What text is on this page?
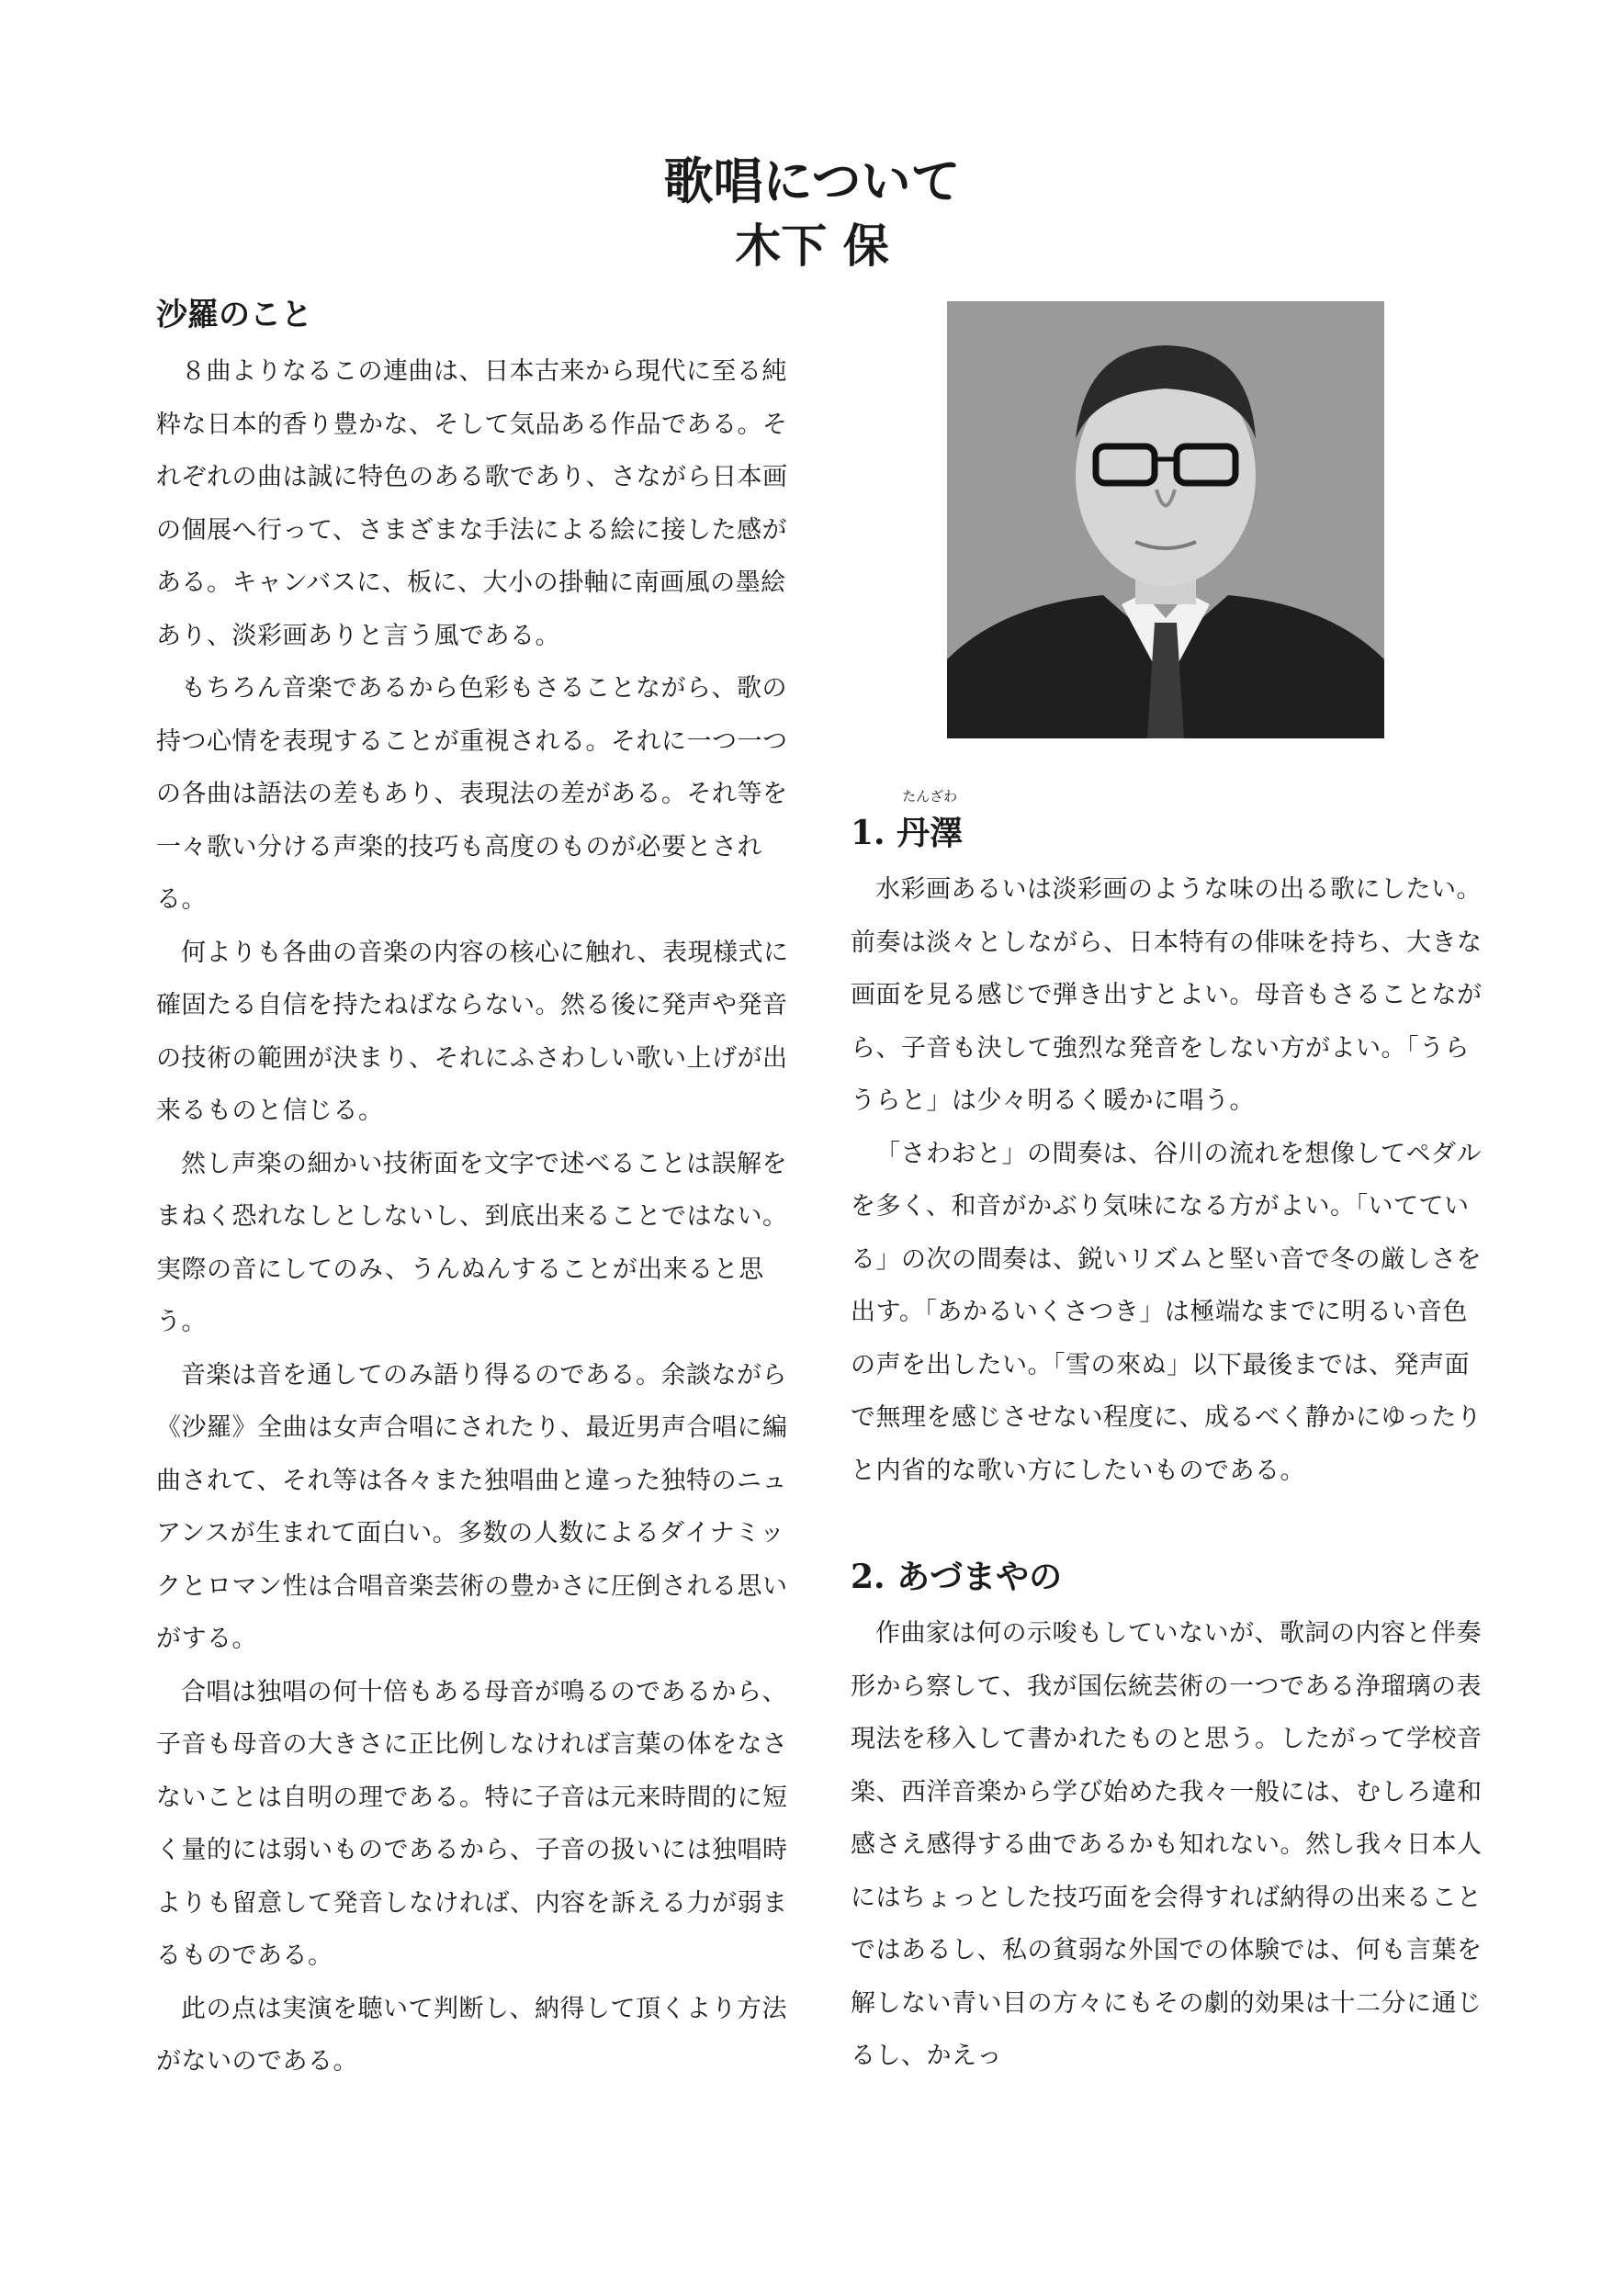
歌唱について
木下 保
沙羅のこと

８曲よりなるこの連曲は、日本古来から現代に至る純粋な日本的香り豊かな、そして気品ある作品である。それぞれの曲は誠に特色のある歌であり、さながら日本画の個展へ行って、さまざまな手法による絵に接した感がある。キャンバスに、板に、大小の掛軸に南画風の墨絵あり、淡彩画ありと言う風である。

もちろん音楽であるから色彩もさることながら、歌の持つ心情を表現することが重視される。それに一つ一つの各曲は語法の差もあり、表現法の差がある。それ等を一々歌い分ける声楽的技巧も高度のものが必要とされる。

何よりも各曲の音楽の内容の核心に触れ、表現様式に確固たる自信を持たねばならない。然る後に発声や発音の技術の範囲が決まり、それにふさわしい歌い上げが出来るものと信じる。

然し声楽の細かい技術面を文字で述べることは誤解をまねく恐れなしとしないし、到底出来ることではない。実際の音にしてのみ、うんぬんすることが出来ると思う。

音楽は音を通してのみ語り得るのである。余談ながら《沙羅》全曲は女声合唱にされたり、最近男声合唱に編曲されて、それ等は各々また独唱曲と違った独特のニュアンスが生まれて面白い。多数の人数によるダイナミックとロマン性は合唱音楽芸術の豊かさに圧倒される思いがする。

合唱は独唱の何十倍もある母音が鳴るのであるから、子音も母音の大きさに正比例しなければ言葉の体をなさないことは自明の理である。特に子音は元来時間的に短く量的には弱いものであるから、子音の扱いには独唱時よりも留意して発音しなければ、内容を訴える力が弱まるものである。

此の点は実演を聴いて判断し、納得して頂くより方法がないのである。

1.
たんざわ
丹澤

水彩画あるいは淡彩画のような味の出る歌にしたい。前奏は淡々としながら、日本特有の俳味を持ち、大きな画面を見る感じで弾き出すとよい。母音もさることながら、子音も決して強烈な発音をしない方がよい。「うらうらと」は少々明るく暖かに唱う。

「さわおと」の間奏は、谷川の流れを想像してペダルを多く、和音がかぶり気味になる方がよい。「いてている」の次の間奏は、鋭いリズムと堅い音で冬の厳しさを出す。「あかるいくさつき」は極端なまでに明るい音色の声を出したい。「雪の來ぬ」以下最後までは、発声面で無理を感じさせない程度に、成るべく静かにゆったりと内省的な歌い方にしたいものである。

2. あづまやの

作曲家は何の示唆もしていないが、歌詞の内容と伴奏形から察して、我が国伝統芸術の一つである浄瑠璃の表現法を移入して書かれたものと思う。したがって学校音楽、西洋音楽から学び始めた我々一般には、むしろ違和感さえ感得する曲であるかも知れない。然し我々日本人にはちょっとした技巧面を会得すれば納得の出来ることではあるし、私の貧弱な外国での体験では、何も言葉を解しない青い目の方々にもその劇的効果は十二分に通じるし、かえっ
